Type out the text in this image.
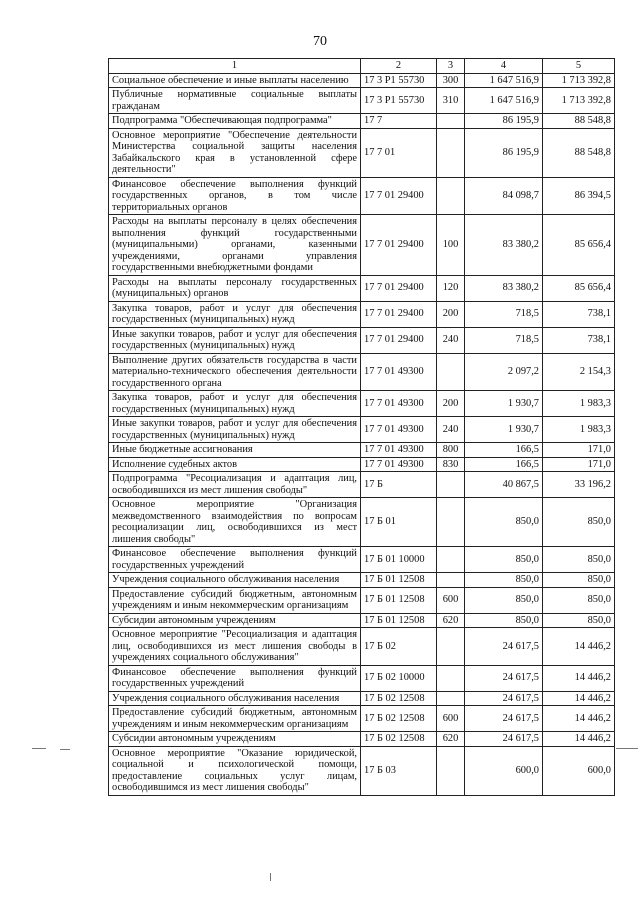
70
1	2	3	4	5
Социальное обеспечение и иные выплаты населению	17 3 P1 55730	300	1 647 516,9	1 713 392,8
Публичные нормативные социальные выплаты гражданам	17 3 P1 55730	310	1 647 516,9	1 713 392,8
Подпрограмма "Обеспечивающая подпрограмма"	17 7		86 195,9	88 548,8
Основное мероприятие "Обеспечение деятельности Министерства социальной защиты населения Забайкальского края в установленной сфере деятельности"	17 7 01		86 195,9	88 548,8
Финансовое обеспечение выполнения функций государственных органов, в том числе территориальных органов	17 7 01 29400		84 098,7	86 394,5
Расходы на выплаты персоналу в целях обеспечения выполнения функций государственными (муниципальными) органами, казенными учреждениями, органами управления государственными внебюджетными фондами	17 7 01 29400	100	83 380,2	85 656,4
Расходы на выплаты персоналу государственных (муниципальных) органов	17 7 01 29400	120	83 380,2	85 656,4
Закупка товаров, работ и услуг для обеспечения государственных (муниципальных) нужд	17 7 01 29400	200	718,5	738,1
Иные закупки товаров, работ и услуг для обеспечения государственных (муниципальных) нужд	17 7 01 29400	240	718,5	738,1
Выполнение других обязательств государства в части материально-технического обеспечения деятельности государственного органа	17 7 01 49300		2 097,2	2 154,3
Закупка товаров, работ и услуг для обеспечения государственных (муниципальных) нужд	17 7 01 49300	200	1 930,7	1 983,3
Иные закупки товаров, работ и услуг для обеспечения государственных (муниципальных) нужд	17 7 01 49300	240	1 930,7	1 983,3
Иные бюджетные ассигнования	17 7 01 49300	800	166,5	171,0
Исполнение судебных актов	17 7 01 49300	830	166,5	171,0
Подпрограмма "Ресоциализация и адаптация лиц, освободившихся из мест лишения свободы"	17 Б		40 867,5	33 196,2
Основное мероприятие "Организация межведомственного взаимодействия по вопросам ресоциализации лиц, освободившихся из мест лишения свободы"	17 Б 01		850,0	850,0
Финансовое обеспечение выполнения функций государственных учреждений	17 Б 01 10000		850,0	850,0
Учреждения социального обслуживания населения	17 Б 01 12508		850,0	850,0
Предоставление субсидий бюджетным, автономным учреждениям и иным некоммерческим организациям	17 Б 01 12508	600	850,0	850,0
Субсидии автономным учреждениям	17 Б 01 12508	620	850,0	850,0
Основное мероприятие "Ресоциализация и адаптация лиц, освободившихся из мест лишения свободы в учреждениях социального обслуживания"	17 Б 02		24 617,5	14 446,2
Финансовое обеспечение выполнения функций государственных учреждений	17 Б 02 10000		24 617,5	14 446,2
Учреждения социального обслуживания населения	17 Б 02 12508		24 617,5	14 446,2
Предоставление субсидий бюджетным, автономным учреждениям и иным некоммерческим организациям	17 Б 02 12508	600	24 617,5	14 446,2
Субсидии автономным учреждениям	17 Б 02 12508	620	24 617,5	14 446,2
Основное мероприятие "Оказание юридической, социальной и психологической помощи, предоставление социальных услуг лицам, освободившимся из мест лишения свободы"	17 Б 03		600,0	600,0
